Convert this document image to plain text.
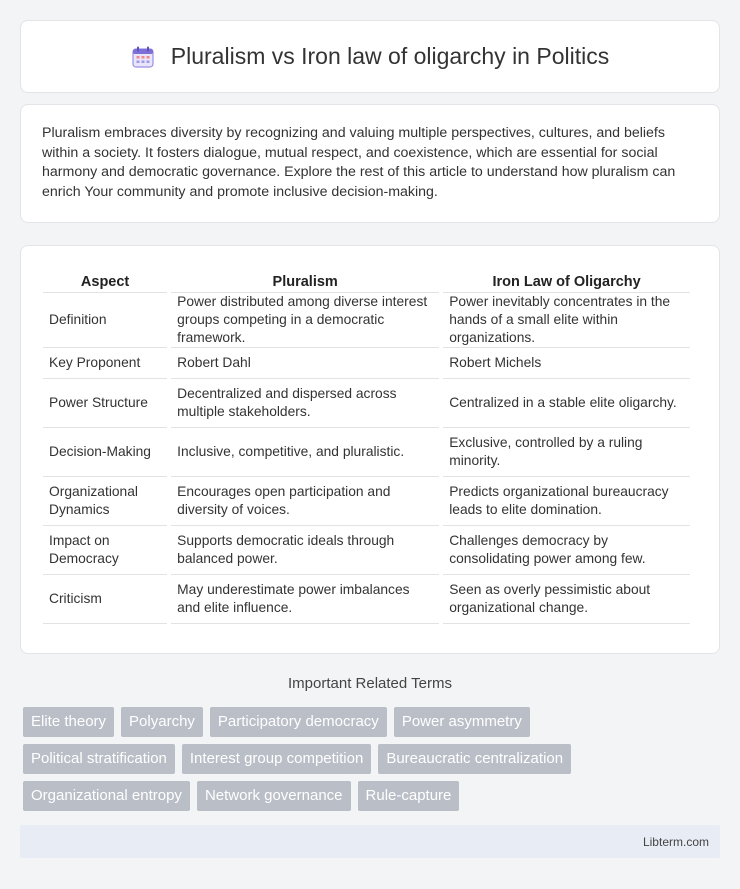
Pluralism vs Iron law of oligarchy in Politics

Pluralism embraces diversity by recognizing and valuing multiple perspectives, cultures, and beliefs within a society. It fosters dialogue, mutual respect, and coexistence, which are essential for social harmony and democratic governance. Explore the rest of this article to understand how pluralism can enrich Your community and promote inclusive decision-making.

Aspect	Pluralism	Iron Law of Oligarchy
Definition	Power distributed among diverse interest groups competing in a democratic framework.	Power inevitably concentrates in the hands of a small elite within organizations.
Key Proponent	Robert Dahl	Robert Michels
Power Structure	Decentralized and dispersed across multiple stakeholders.	Centralized in a stable elite oligarchy.
Decision-Making	Inclusive, competitive, and pluralistic.	Exclusive, controlled by a ruling minority.
Organizational Dynamics	Encourages open participation and diversity of voices.	Predicts organizational bureaucracy leads to elite domination.
Impact on Democracy	Supports democratic ideals through balanced power.	Challenges democracy by consolidating power among few.
Criticism	May underestimate power imbalances and elite influence.	Seen as overly pessimistic about organizational change.
Important Related Terms
Elite theory	Polyarchy	Participatory democracy	Power asymmetry
Political stratification	Interest group competition	Bureaucratic centralization
Organizational entropy	Network governance	Rule-capture
Libterm.com
